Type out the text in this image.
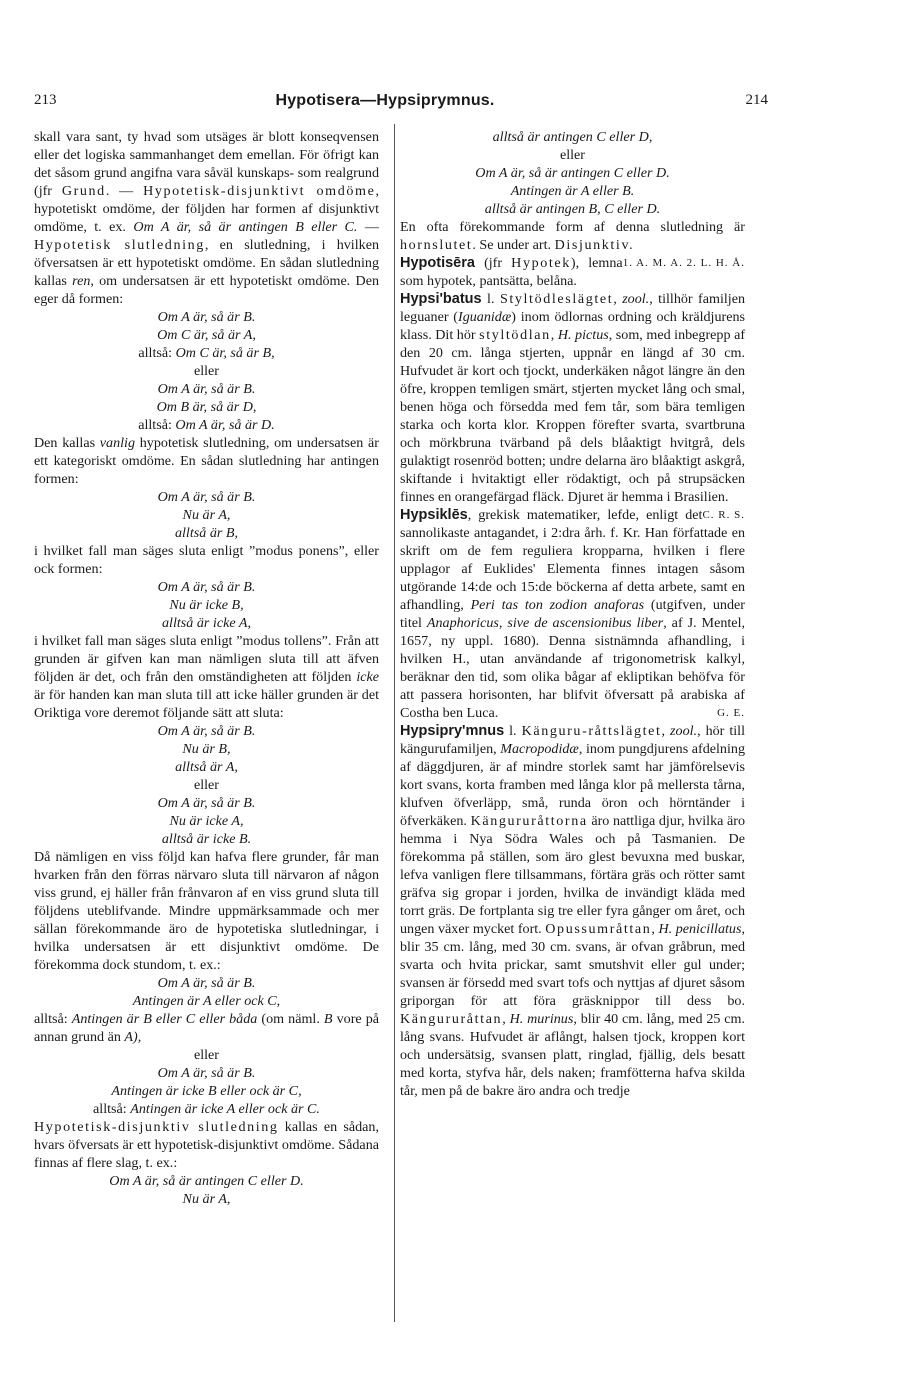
213	Hypotisera—Hypsiprymnus.	214

skall vara sant, ty hvad som utsäges är blott konseqvensen eller det logiska sammanhanget dem emellan. För öfrigt kan det såsom grund angifna vara såväl kunskaps- som realgrund (jfr Grund. — Hypotetisk-disjunktivt omdöme, hypotetiskt omdöme, der följden har formen af disjunktivt omdöme, t. ex. Om A är, så är antingen B eller C. — Hypotetisk slutledning, en slutledning, i hvilken öfversatsen är ett hypotetiskt omdöme. En sådan slutledning kallas ren, om undersatsen är ett hypotetiskt omdöme. Den eger då formen:

Om A är, så är B.

Om C är, så är A,

alltså: Om C är, så är B,

eller

Om A är, så är B.

Om B är, så är D,

alltså: Om A är, så är D.

Den kallas vanlig hypotetisk slutledning, om undersatsen är ett kategoriskt omdöme. En sådan slutledning har antingen formen:

Om A är, så är B.

Nu är A,

alltså är B,

i hvilket fall man säges sluta enligt ”modus ponens”, eller ock formen:

Om A är, så är B.

Nu är icke B,

alltså är icke A,

i hvilket fall man säges sluta enligt ”modus tollens”. Från att grunden är gifven kan man nämligen sluta till att äfven följden är det, och från den omständigheten att följden icke är för handen kan man sluta till att icke häller grunden är det Oriktiga vore deremot följande sätt att sluta:

Om A är, så är B.

Nu är B,

alltså är A,

eller

Om A är, så är B.

Nu är icke A,

alltså är icke B.

Då nämligen en viss följd kan hafva flere grunder, får man hvarken från den förras närvaro sluta till närvaron af någon viss grund, ej häller från frånvaron af en viss grund sluta till följdens uteblifvande. Mindre uppmärksammade och mer sällan förekommande äro de hypotetiska slutledningar, i hvilka undersatsen är ett disjunktivt omdöme. De förekomma dock stundom, t. ex.:

Om A är, så är B.

Antingen är A eller ock C,

alltså: Antingen är B eller C eller båda (om näml. B vore på annan grund än A),

eller

Om A är, så är B.

Antingen är icke B eller ock är C,

alltså: Antingen är icke A eller ock är C.

Hypotetisk-disjunktiv slutledning kallas en sådan, hvars öfversats är ett hypotetisk-disjunktivt omdöme. Sådana finnas af flere slag, t. ex.:

Om A är, så är antingen C eller D.

Nu är A,

alltså är antingen C eller D,

eller

Om A är, så är antingen C eller D.

Antingen är A eller B.

alltså är antingen B, C eller D.

En ofta förekommande form af denna slutledning är hornslutet. Se under art. Disjunktiv.
1. A. M. A. 2. L. H. Å.

Hypotisēra (jfr Hypotek), lemna som hypotek, pantsätta, belåna.

Hypsi'batus l. Styltödleslägtet, zool., tillhör familjen leguaner (Iguanidæ) inom ödlornas ordning och kräldjurens klass. Dit hör styltödlan, H. pictus, som, med inbegrepp af den 20 cm. långa stjerten, uppnår en längd af 30 cm. Hufvudet är kort och tjockt, underkäken något längre än den öfre, kroppen temligen smärt, stjerten mycket lång och smal, benen höga och försedda med fem tår, som bära temligen starka och korta klor. Kroppen förefter svarta, svartbruna och mörkbruna tvärband på dels blåaktigt hvitgrå, dels gulaktigt rosenröd botten; undre delarna äro blåaktigt askgrå, skiftande i hvitaktigt eller rödaktigt, och på strupsäcken finnes en orangefärgad fläck. Djuret är hemma i Brasilien.
C. R. S.

Hypsiklēs, grekisk matematiker, lefde, enligt det sannolikaste antagandet, i 2:dra årh. f. Kr. Han författade en skrift om de fem reguliera kropparna, hvilken i flere upplagor af Euklides' Elementa finnes intagen såsom utgörande 14:de och 15:de böckerna af detta arbete, samt en afhandling, Peri tas ton zodion anaforas (utgifven, under titel Anaphoricus, sive de ascensionibus liber, af J. Mentel, 1657, ny uppl. 1680). Denna sistnämnda afhandling, i hvilken H., utan användande af trigonometrisk kalkyl, beräknar den tid, som olika bågar af ekliptikan behöfva för att passera horisonten, har blifvit öfversatt på arabiska af Costha ben Luca.	G. E.

Hypsipry'mnus l. Känguru-råttslägtet, zool., hör till kängurufamiljen, Macropodidæ, inom pungdjurens afdelning af däggdjuren, är af mindre storlek samt har jämförelsevis kort svans, korta framben med långa klor på mellersta tårna, klufven öfverläpp, små, runda öron och hörntänder i öfverkäken. Kängururåttorna äro nattliga djur, hvilka äro hemma i Nya Södra Wales och på Tasmanien. De förekomma på ställen, som äro glest bevuxna med buskar, lefva vanligen flere tillsammans, förtära gräs och rötter samt gräfva sig gropar i jorden, hvilka de invändigt kläda med torrt gräs. De fortplanta sig tre eller fyra gånger om året, och ungen växer mycket fort. Opussumråttan, H. penicillatus, blir 35 cm. lång, med 30 cm. svans, är ofvan gråbrun, med svarta och hvita prickar, samt smutshvit eller gul under; svansen är försedd med svart tofs och nyttjas af djuret såsom griporgan för att föra gräsknippor till dess bo. Kängururåttan, H. murinus, blir 40 cm. lång, med 25 cm. lång svans. Hufvudet är aflångt, halsen tjock, kroppen kort och undersätsig, svansen platt, ringlad, fjällig, dels besatt med korta, styfva hår, dels naken; framfötterna hafva skilda tår, men på de bakre äro andra och tredje
